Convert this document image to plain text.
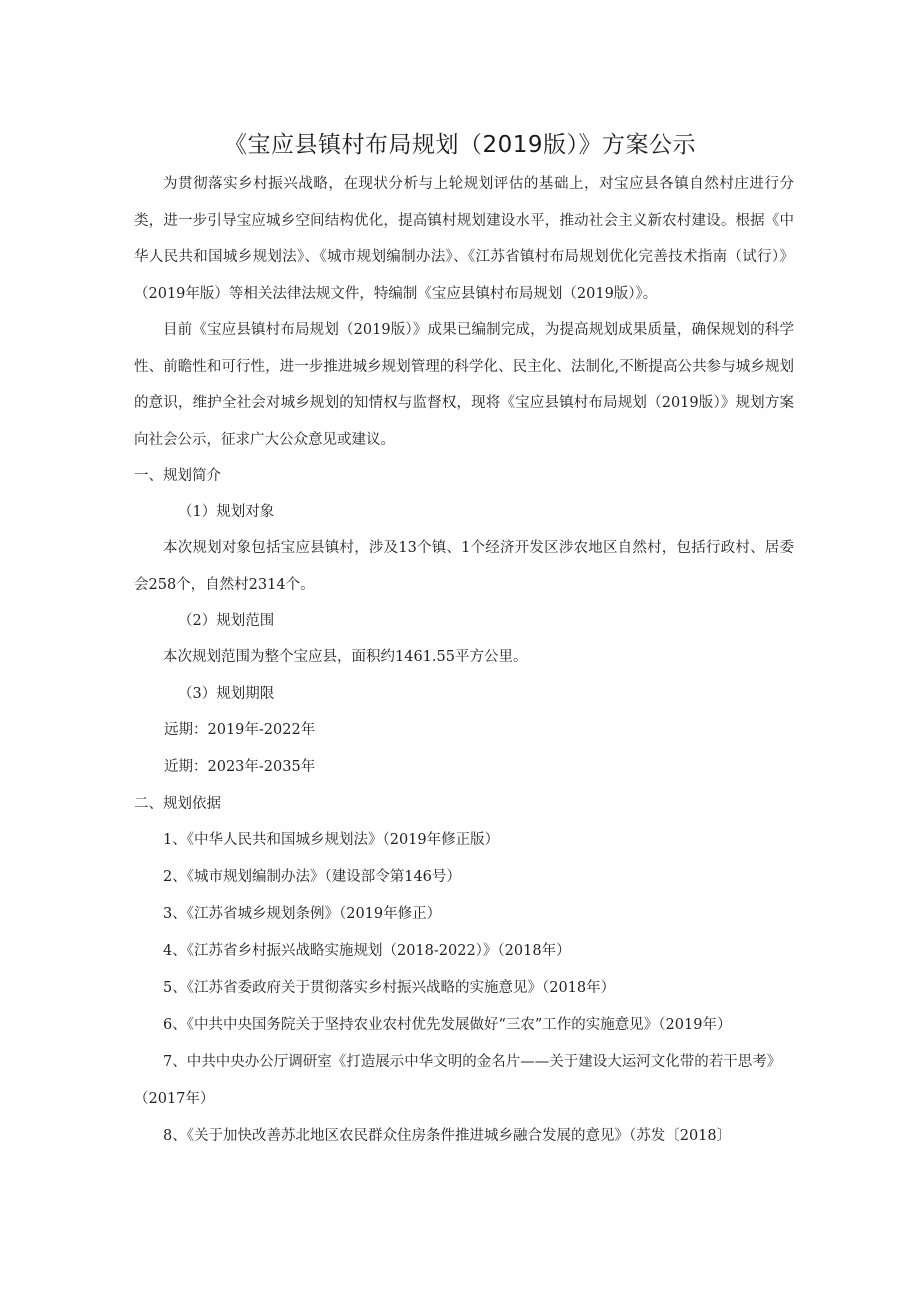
《宝应县镇村布局规划（2019版）》方案公示

为贯彻落实乡村振兴战略，在现状分析与上轮规划评估的基础上，对宝应县各镇自然村庄进行分类，进一步引导宝应城乡空间结构优化，提高镇村规划建设水平，推动社会主义新农村建设。根据《中华人民共和国城乡规划法》、《城市规划编制办法》、《江苏省镇村布局规划优化完善技术指南（试行）》（2019年版）等相关法律法规文件，特编制《宝应县镇村布局规划（2019版）》。

目前《宝应县镇村布局规划（2019版）》成果已编制完成，为提高规划成果质量，确保规划的科学性、前瞻性和可行性，进一步推进城乡规划管理的科学化、民主化、法制化,不断提高公共参与城乡规划的意识，维护全社会对城乡规划的知情权与监督权，现将《宝应县镇村布局规划（2019版）》规划方案向社会公示，征求广大公众意见或建议。

一、规划简介

（1）规划对象

本次规划对象包括宝应县镇村，涉及13个镇、1个经济开发区涉农地区自然村，包括行政村、居委会258个，自然村2314个。

（2）规划范围

本次规划范围为整个宝应县，面积约1461.55平方公里。

（3）规划期限

远期：2019年-2022年

近期：2023年-2035年

二、规划依据

1、《中华人民共和国城乡规划法》（2019年修正版）

2、《城市规划编制办法》（建设部令第146号）

3、《江苏省城乡规划条例》（2019年修正）

4、《江苏省乡村振兴战略实施规划（2018-2022）》（2018年）

5、《江苏省委政府关于贯彻落实乡村振兴战略的实施意见》（2018年）

6、《中共中央国务院关于坚持农业农村优先发展做好“三农”工作的实施意见》（2019年）

7、中共中央办公厅调研室《打造展示中华文明的金名片——关于建设大运河文化带的若干思考》（2017年）

8、《关于加快改善苏北地区农民群众住房条件推进城乡融合发展的意见》（苏发〔2018〕
